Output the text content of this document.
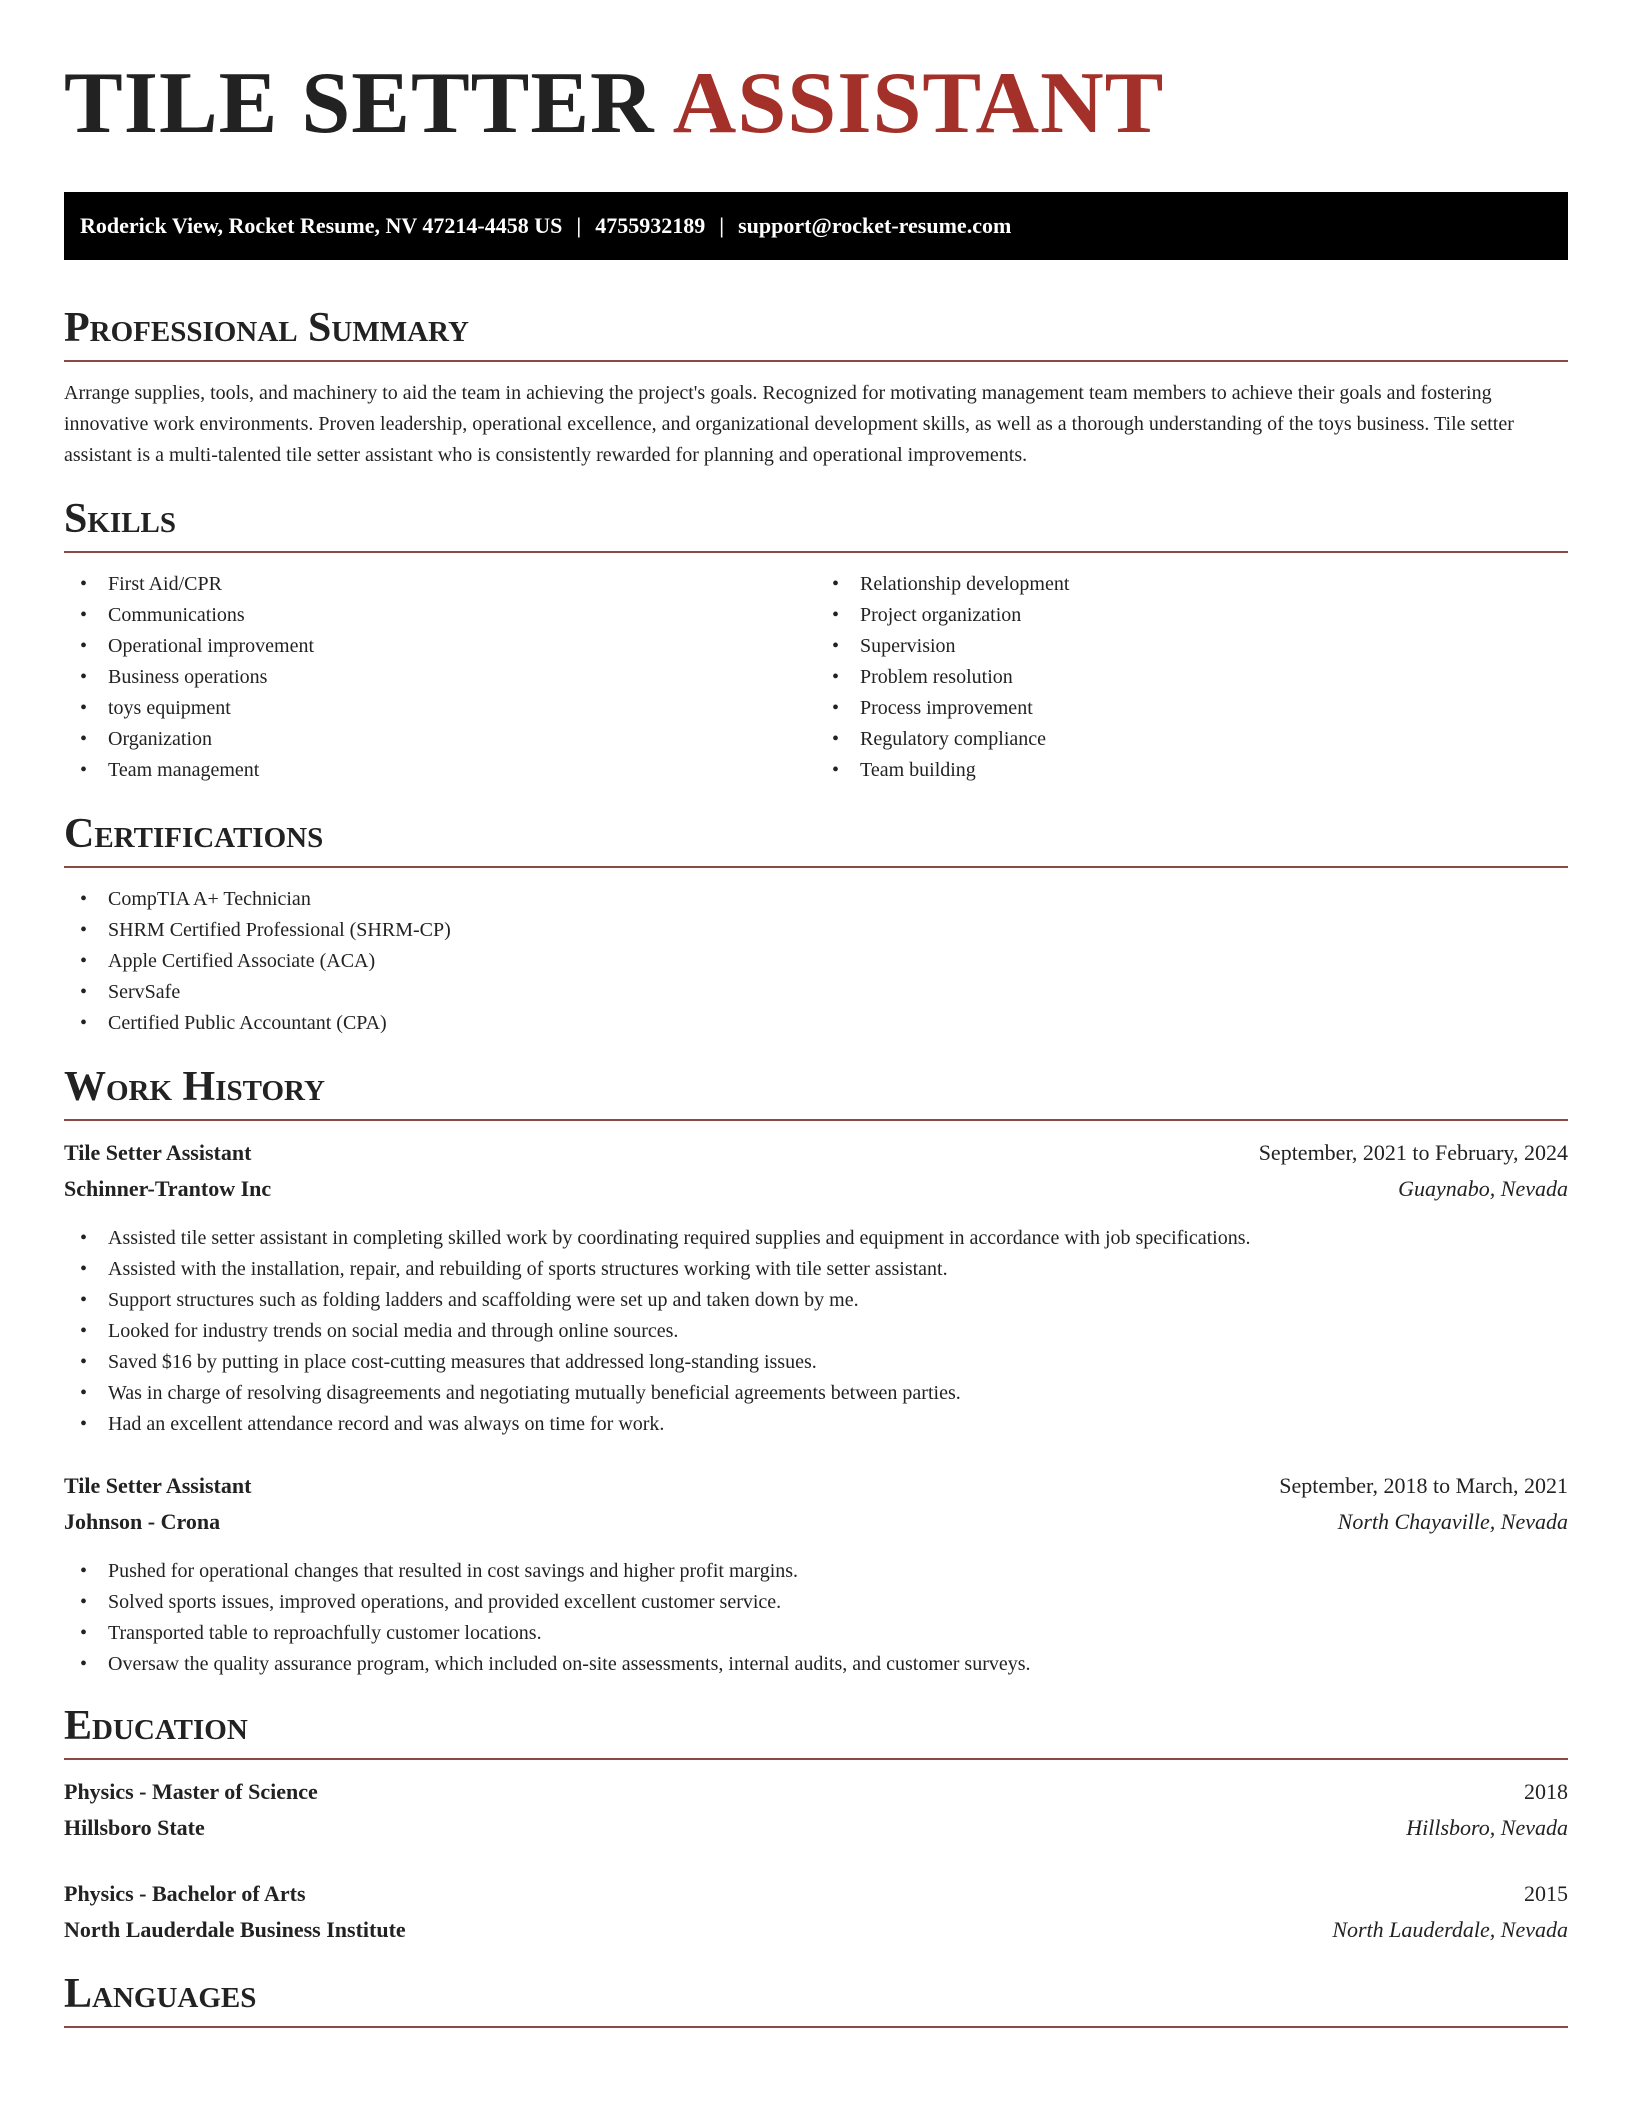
TILE SETTER ASSISTANT
Roderick View, Rocket Resume, NV 47214-4458 US | 4755932189 | support@rocket-resume.com
Professional Summary

Arrange supplies, tools, and machinery to aid the team in achieving the project's goals. Recognized for motivating management team members to achieve their goals and fostering innovative work environments. Proven leadership, operational excellence, and organizational development skills, as well as a thorough understanding of the toys business. Tile setter assistant is a multi-talented tile setter assistant who is consistently rewarded for planning and operational improvements.

Skills
• First Aid/CPR
• Communications
• Operational improvement
• Business operations
• toys equipment
• Organization
• Team management
• Relationship development
• Project organization
• Supervision
• Problem resolution
• Process improvement
• Regulatory compliance
• Team building
Certifications
• CompTIA A+ Technician
• SHRM Certified Professional (SHRM-CP)
• Apple Certified Associate (ACA)
• ServSafe
• Certified Public Accountant (CPA)
Work History
Tile Setter Assistant	September, 2021 to February, 2024
Schinner-Trantow Inc	Guaynabo, Nevada
• Assisted tile setter assistant in completing skilled work by coordinating required supplies and equipment in accordance with job specifications.
• Assisted with the installation, repair, and rebuilding of sports structures working with tile setter assistant.
• Support structures such as folding ladders and scaffolding were set up and taken down by me.
• Looked for industry trends on social media and through online sources.
• Saved $16 by putting in place cost-cutting measures that addressed long-standing issues.
• Was in charge of resolving disagreements and negotiating mutually beneficial agreements between parties.
• Had an excellent attendance record and was always on time for work.
Tile Setter Assistant	September, 2018 to March, 2021
Johnson - Crona	North Chayaville, Nevada
• Pushed for operational changes that resulted in cost savings and higher profit margins.
• Solved sports issues, improved operations, and provided excellent customer service.
• Transported table to reproachfully customer locations.
• Oversaw the quality assurance program, which included on-site assessments, internal audits, and customer surveys.
Education
Physics - Master of Science	2018
Hillsboro State	Hillsboro, Nevada
Physics - Bachelor of Arts	2015
North Lauderdale Business Institute	North Lauderdale, Nevada
Languages
